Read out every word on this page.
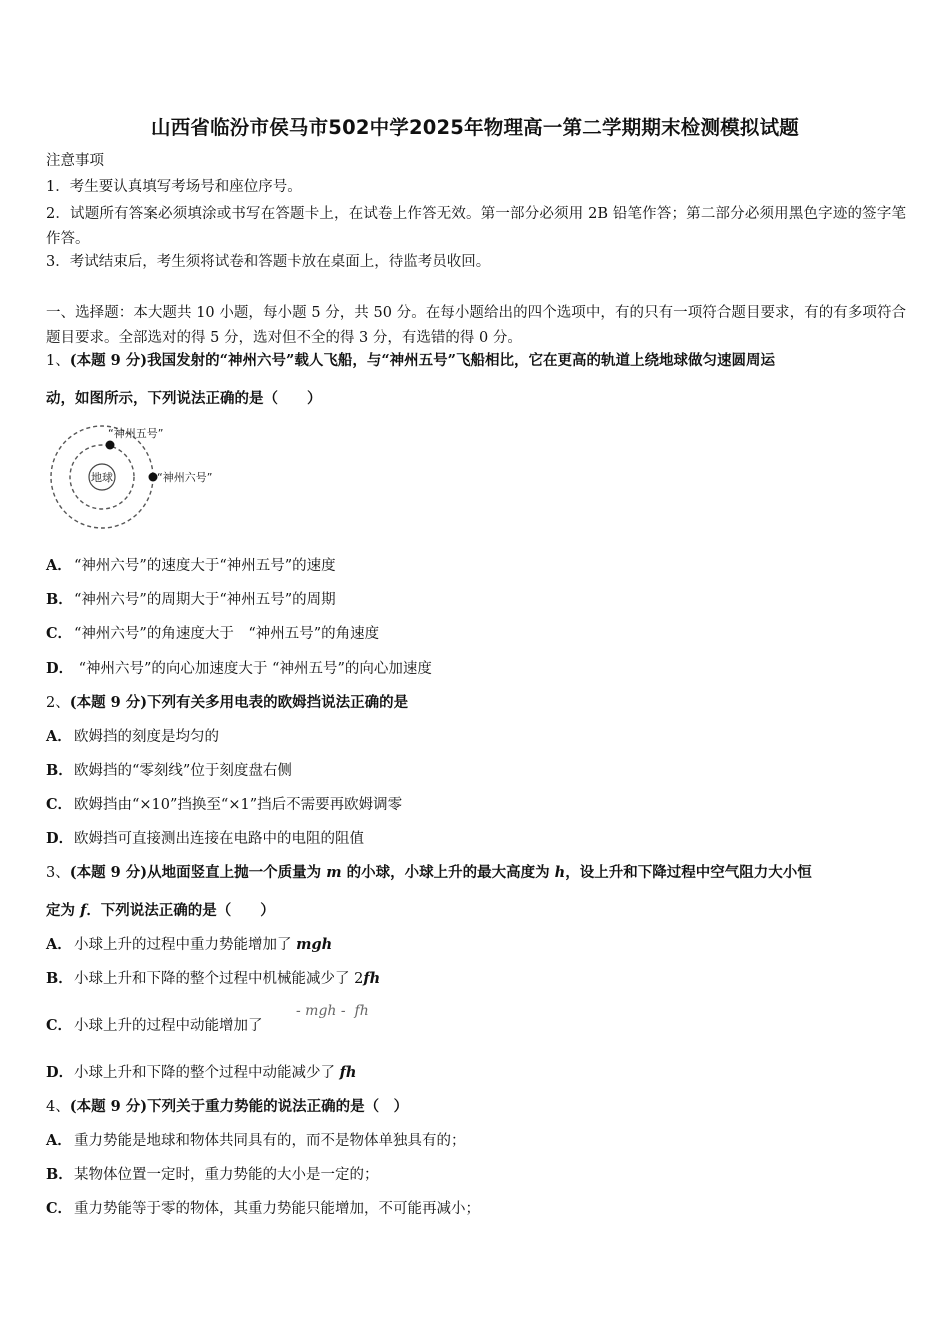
山西省临汾市侯马市502中学2025年物理高一第二学期期末检测模拟试题
注意事项
1．考生要认真填写考场号和座位序号。
2．试题所有答案必须填涂或书写在答题卡上，在试卷上作答无效。第一部分必须用 2B 铅笔作答；第二部分必须用黑色字迹的签字笔作答。
3．考试结束后，考生须将试卷和答题卡放在桌面上，待监考员收回。
一、选择题：本大题共 10 小题，每小题 5 分，共 50 分。在每小题给出的四个选项中，有的只有一项符合题目要求，有的有多项符合题目要求。全部选对的得 5 分，选对但不全的得 3 分，有选错的得 0 分。
1、(本题 9 分)我国发射的“神州六号”载人飞船，与“神州五号”飞船相比，它在更高的轨道上绕地球做匀速圆周运
动，如图所示，下列说法正确的是（　　）
地球
“神州五号”
“神州六号”
A． “神州六号”的速度大于“神州五号”的速度
B．“神州六号”的周期大于“神州五号”的周期
C． “神州六号”的角速度大于　“神州五号”的角速度
D． “神州六号”的向心加速度大于 “神州五号”的向心加速度
2、(本题 9 分)下列有关多用电表的欧姆挡说法正确的是
A． 欧姆挡的刻度是均匀的
B．欧姆挡的“零刻线”位于刻度盘右侧
C． 欧姆挡由“×10”挡换至“×1”挡后不需要再欧姆调零
D．欧姆挡可直接测出连接在电路中的电阻的阻值
3、(本题 9 分)从地面竖直上抛一个质量为 m 的小球，小球上升的最大高度为 h，设上升和下降过程中空气阻力大小恒
定为 f．下列说法正确的是（　　）
A． 小球上升的过程中重力势能增加了 mgh
B．小球上升和下降的整个过程中机械能减少了 2fh
C． 小球上升的过程中动能增加了
- mgh - fh
D．小球上升和下降的整个过程中动能减少了 fh
4、(本题 9 分)下列关于重力势能的说法正确的是（　）
A． 重力势能是地球和物体共同具有的，而不是物体单独具有的；
B．某物体位置一定时，重力势能的大小是一定的；
C． 重力势能等于零的物体，其重力势能只能增加，不可能再减小；
